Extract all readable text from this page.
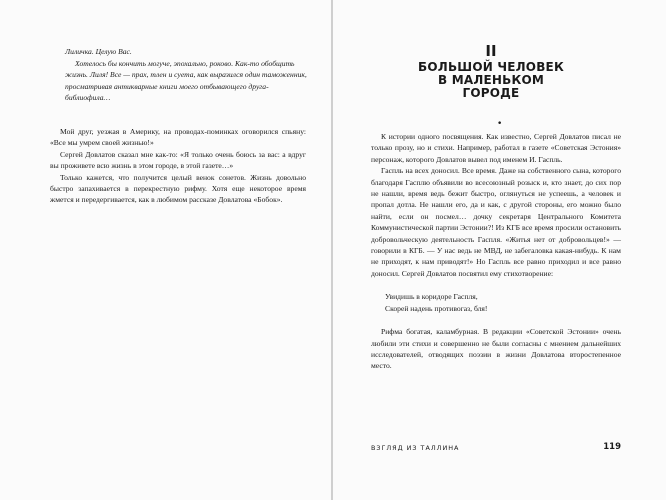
Лиличка. Целую Вас.

Хотелось бы кончить могуче, эпохально, роково. Как-то обобщить жизнь. Лиля! Все — прах, тлен и суета, как выразился один таможенник, просматривая антикварные книги моего отбывающего друга-библиофила…

Мой друг, уезжая в Америку, на проводах-поминках оговорился спьяну: «Все мы умрем своей жизнью!»

Сергей Довлатов сказал мне как-то: «Я только очень боюсь за вас: а вдруг вы проживете всю жизнь в этом городе, в этой газете…»

Только кажется, что получится целый венок сонетов. Жизнь довольно быстро запахивается в перекрестную рифму. Хотя еще некоторое время жмется и передергивается, как в любимом рассказе Довлатова «Бобок».

II
БОЛЬШОЙ ЧЕЛОВЕК
В МАЛЕНЬКОМ
ГОРОДЕ
•

К истории одного посвящения. Как известно, Сергей Довлатов писал не только прозу, но и стихи. Например, работал в газете «Советская Эстония» персонаж, которого Довлатов вывел под именем И. Гаспль.

Гаспль на всех доносил. Все время. Даже на собственного сына, которого благодаря Гасплю объявили во всесоюзный розыск и, кто знает, до сих пор не нашли, время ведь бежит быстро, оглянуться не успеешь, а человек и пропал дотла. Не нашли его, да и как, с другой стороны, его можно было найти, если он посмел… дочку секретаря Центрального Комитета Коммунистической партии Эстонии?! Из КГБ все время просили остановить добровольческую деятельность Гаспля. «Житья нет от добровольцев!» — говорили в КГБ. — У нас ведь не МВД, не забегаловка какая-нибудь. К нам не приходят, к нам приводят!» Но Гаспль все равно приходил и все равно доносил. Сергей Довлатов посвятил ему стихотворение:

Увидишь в коридоре Гаспля,
Скорей надень противогаз, бля!

Рифма богатая, каламбурная. В редакции «Советской Эстонии» очень любили эти стихи и совершенно не были согласны с мнением дальнейших исследователей, отводящих поэзии в жизни Довлатова второстепенное место.

ВЗГЛЯД ИЗ ТАЛЛИНА	119
